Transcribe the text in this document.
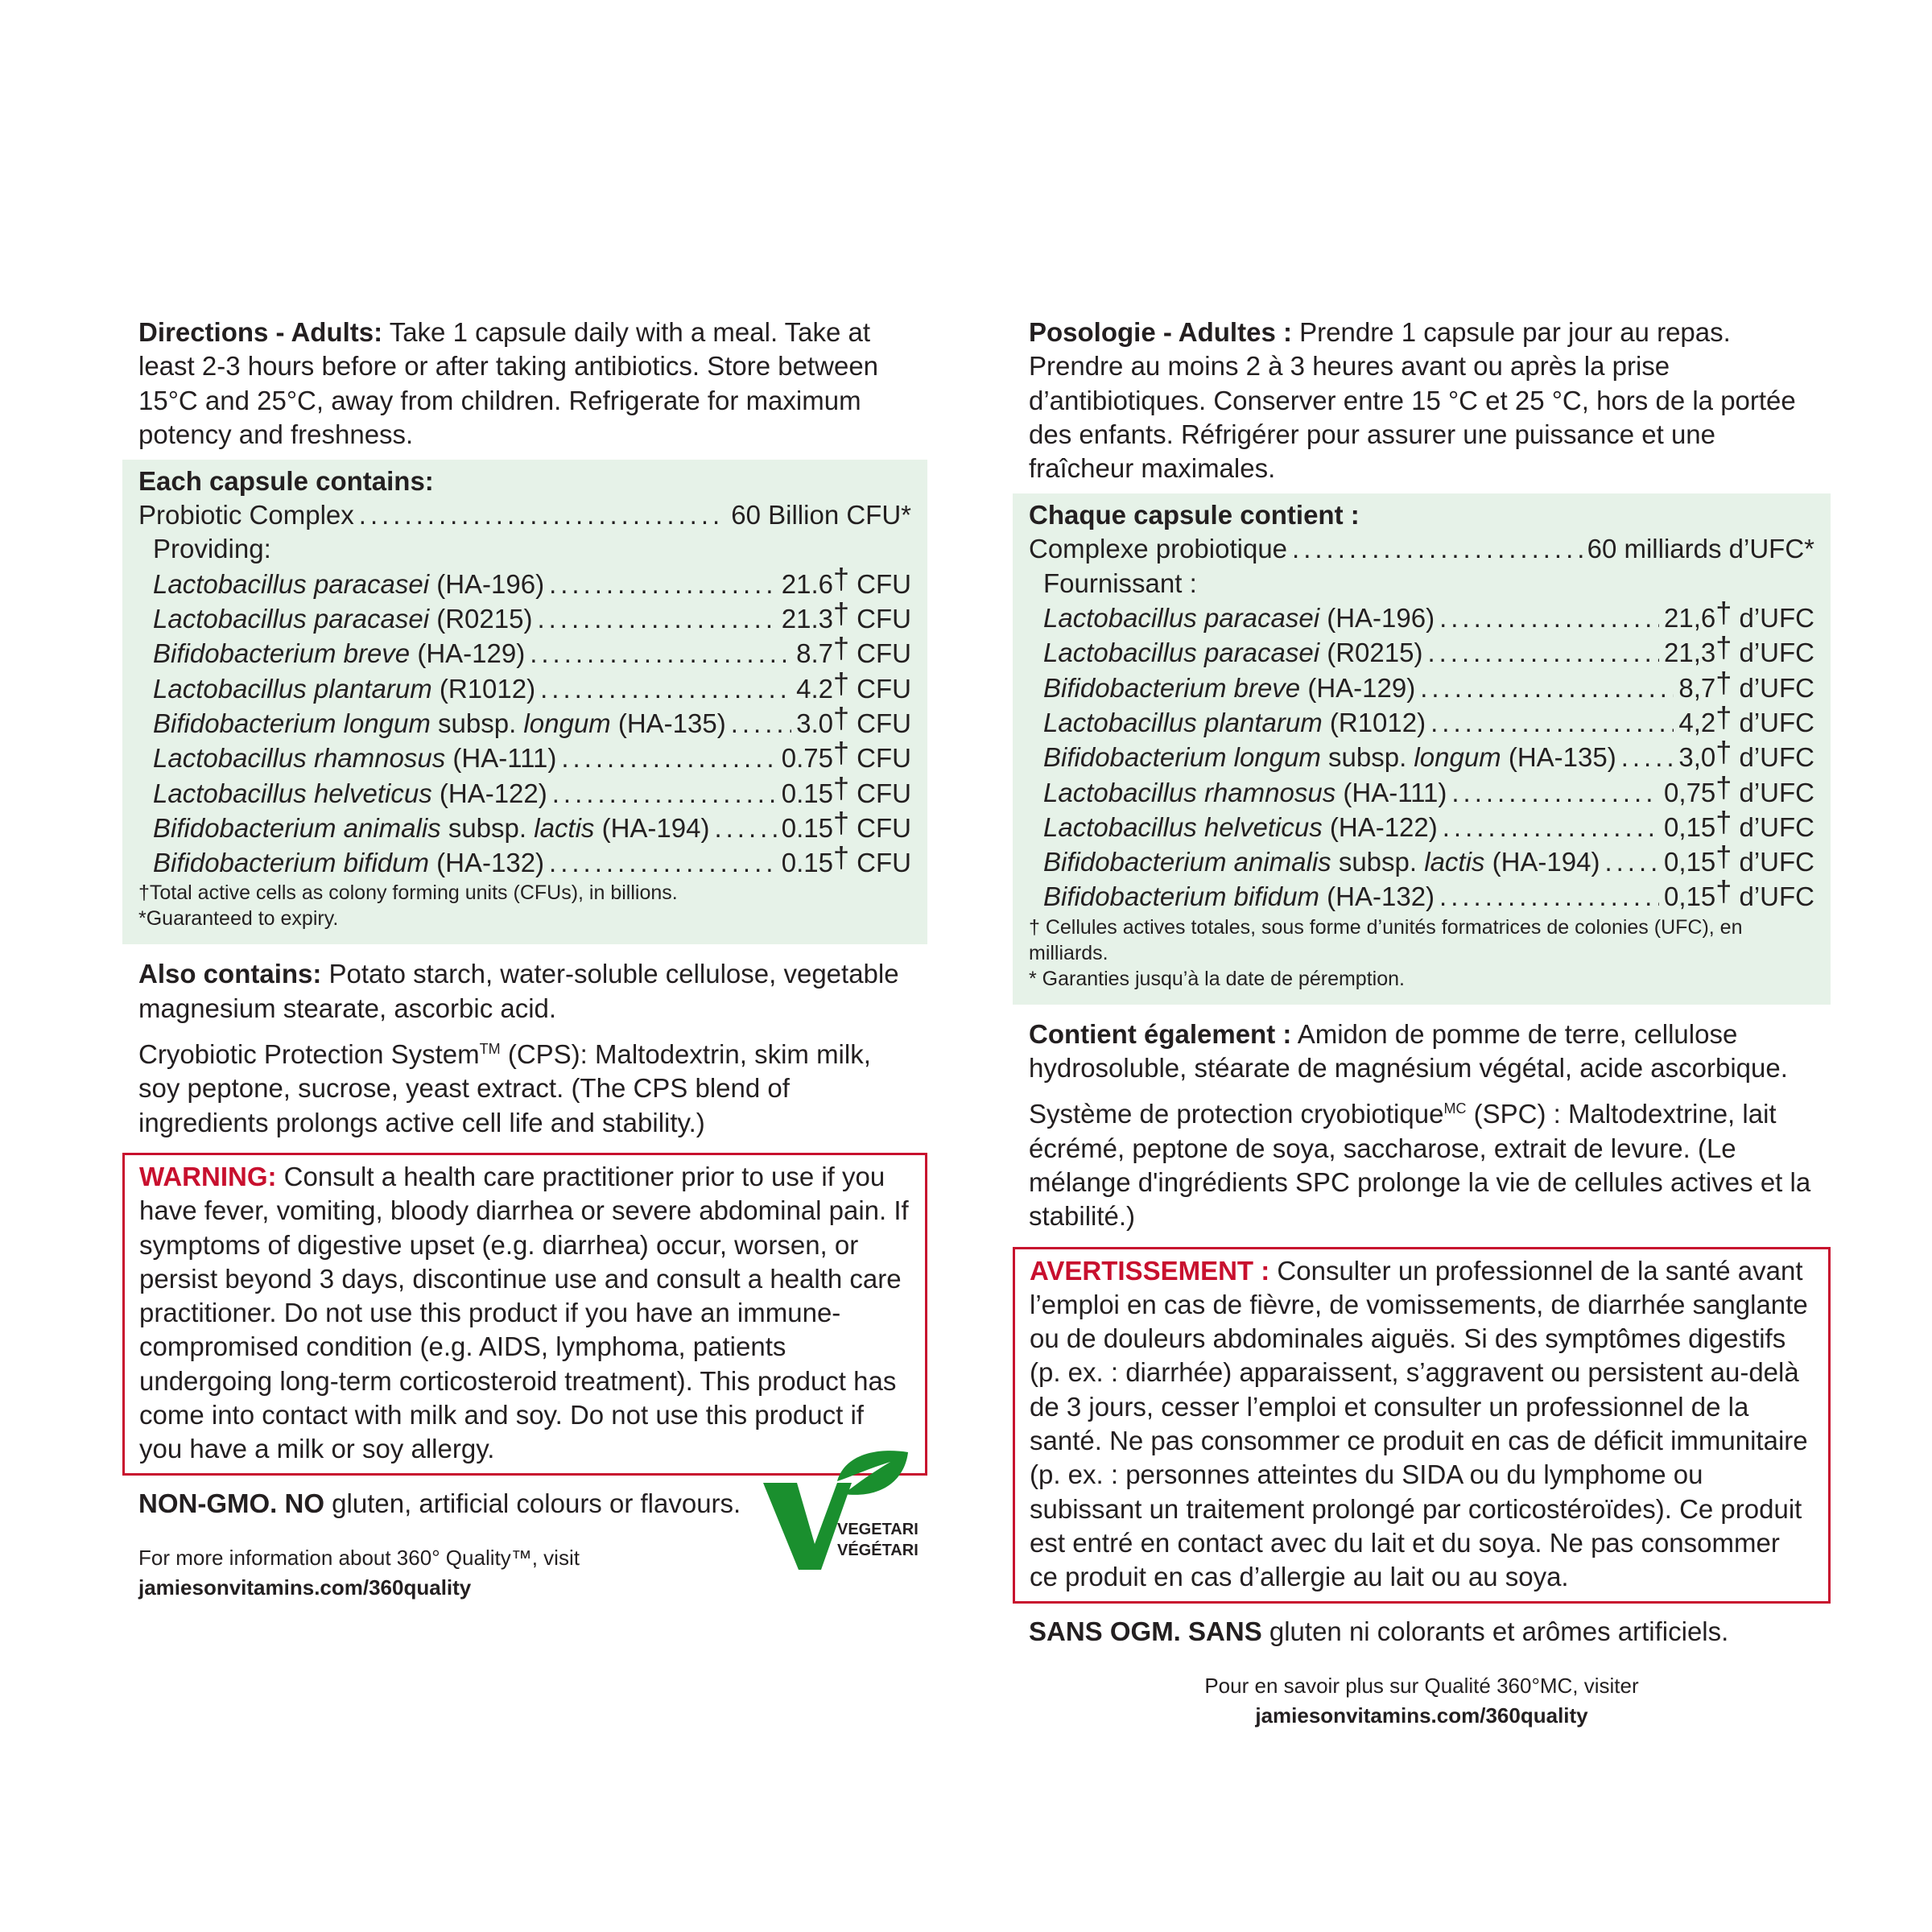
Directions - Adults: Take 1 capsule daily with a meal. Take at least 2-3 hours before or after taking antibiotics. Store between 15°C and 25°C, away from children. Refrigerate for maximum potency and freshness.

Each capsule contains:
Probiotic Complex .....	60 Billion CFU*
Providing:
Lactobacillus paracasei (HA-196) .....	21.6† CFU
Lactobacillus paracasei (R0215) .....	21.3† CFU
Bifidobacterium breve (HA-129) .....	8.7† CFU
Lactobacillus plantarum (R1012) .....	4.2† CFU
Bifidobacterium longum subsp. longum (HA-135) .....	3.0† CFU
Lactobacillus rhamnosus (HA-111) .....	0.75† CFU
Lactobacillus helveticus (HA-122) .....	0.15† CFU
Bifidobacterium animalis subsp. lactis (HA-194) .....	0.15† CFU
Bifidobacterium bifidum (HA-132) .....	0.15† CFU
†Total active cells as colony forming units (CFUs), in billions.
*Guaranteed to expiry.
Also contains: Potato starch, water-soluble cellulose, vegetable magnesium stearate, ascorbic acid.
Cryobiotic Protection System™ (CPS): Maltodextrin, skim milk, soy peptone, sucrose, yeast extract. (The CPS blend of ingredients prolongs active cell life and stability.)
WARNING: Consult a health care practitioner prior to use if you have fever, vomiting, bloody diarrhea or severe abdominal pain. If symptoms of digestive upset (e.g. diarrhea) occur, worsen, or persist beyond 3 days, discontinue use and consult a health care practitioner. Do not use this product if you have an immune-compromised condition (e.g. AIDS, lymphoma, patients undergoing long-term corticosteroid treatment). This product has come into contact with milk and soy. Do not use this product if you have a milk or soy allergy.
NON-GMO. NO gluten, artificial colours or flavours.
For more information about 360° Quality™, visit
jamiesonvitamins.com/360quality
VEGETARI
VÉGÉTARI

Posologie - Adultes : Prendre 1 capsule par jour au repas. Prendre au moins 2 à 3 heures avant ou après la prise d’antibiotiques. Conserver entre 15 °C et 25 °C, hors de la portée des enfants. Réfrigérer pour assurer une puissance et une fraîcheur maximales.

Chaque capsule contient :
Complexe probiotique .....	60 milliards d’UFC*
Fournissant :
Lactobacillus paracasei (HA-196) .....	21,6† d’UFC
Lactobacillus paracasei (R0215) .....	21,3† d’UFC
Bifidobacterium breve (HA-129) .....	8,7† d’UFC
Lactobacillus plantarum (R1012) .....	4,2† d’UFC
Bifidobacterium longum subsp. longum (HA-135) ..... 3,0† d’UFC
Lactobacillus rhamnosus (HA-111) .....	0,75† d’UFC
Lactobacillus helveticus (HA-122) .....	0,15† d’UFC
Bifidobacterium animalis subsp. lactis (HA-194) ..... 0,15† d’UFC
Bifidobacterium bifidum (HA-132) .....	0,15† d’UFC
† Cellules actives totales, sous forme d’unités formatrices de colonies (UFC), en milliards.
* Garanties jusqu’à la date de péremption.
Contient également : Amidon de pomme de terre, cellulose hydrosoluble, stéarate de magnésium végétal, acide ascorbique.
Système de protection cryobiotique$^{MC}$ (SPC) : Maltodextrine, lait écrémé, peptone de soya, saccharose, extrait de levure. (Le mélange d'ingrédients SPC prolonge la vie de cellules actives et la stabilité.)
AVERTISSEMENT : Consulter un professionnel de la santé avant l’emploi en cas de fièvre, de vomissements, de diarrhée sanglante ou de douleurs abdominales aiguës. Si des symptômes digestifs (p. ex. : diarrhée) apparaissent, s’aggravent ou persistent au-delà de 3 jours, cesser l’emploi et consulter un professionnel de la santé. Ne pas consommer ce produit en cas de déficit immunitaire (p. ex. : personnes atteintes du SIDA ou du lymphome ou subissant un traitement prolongé par corticostéroïdes). Ce produit est entré en contact avec du lait et du soya. Ne pas consommer ce produit en cas d’allergie au lait ou au soya.
SANS OGM. SANS gluten ni colorants et arômes artificiels.
Pour en savoir plus sur Qualité 360°MC, visiter
jamiesonvitamins.com/360quality
